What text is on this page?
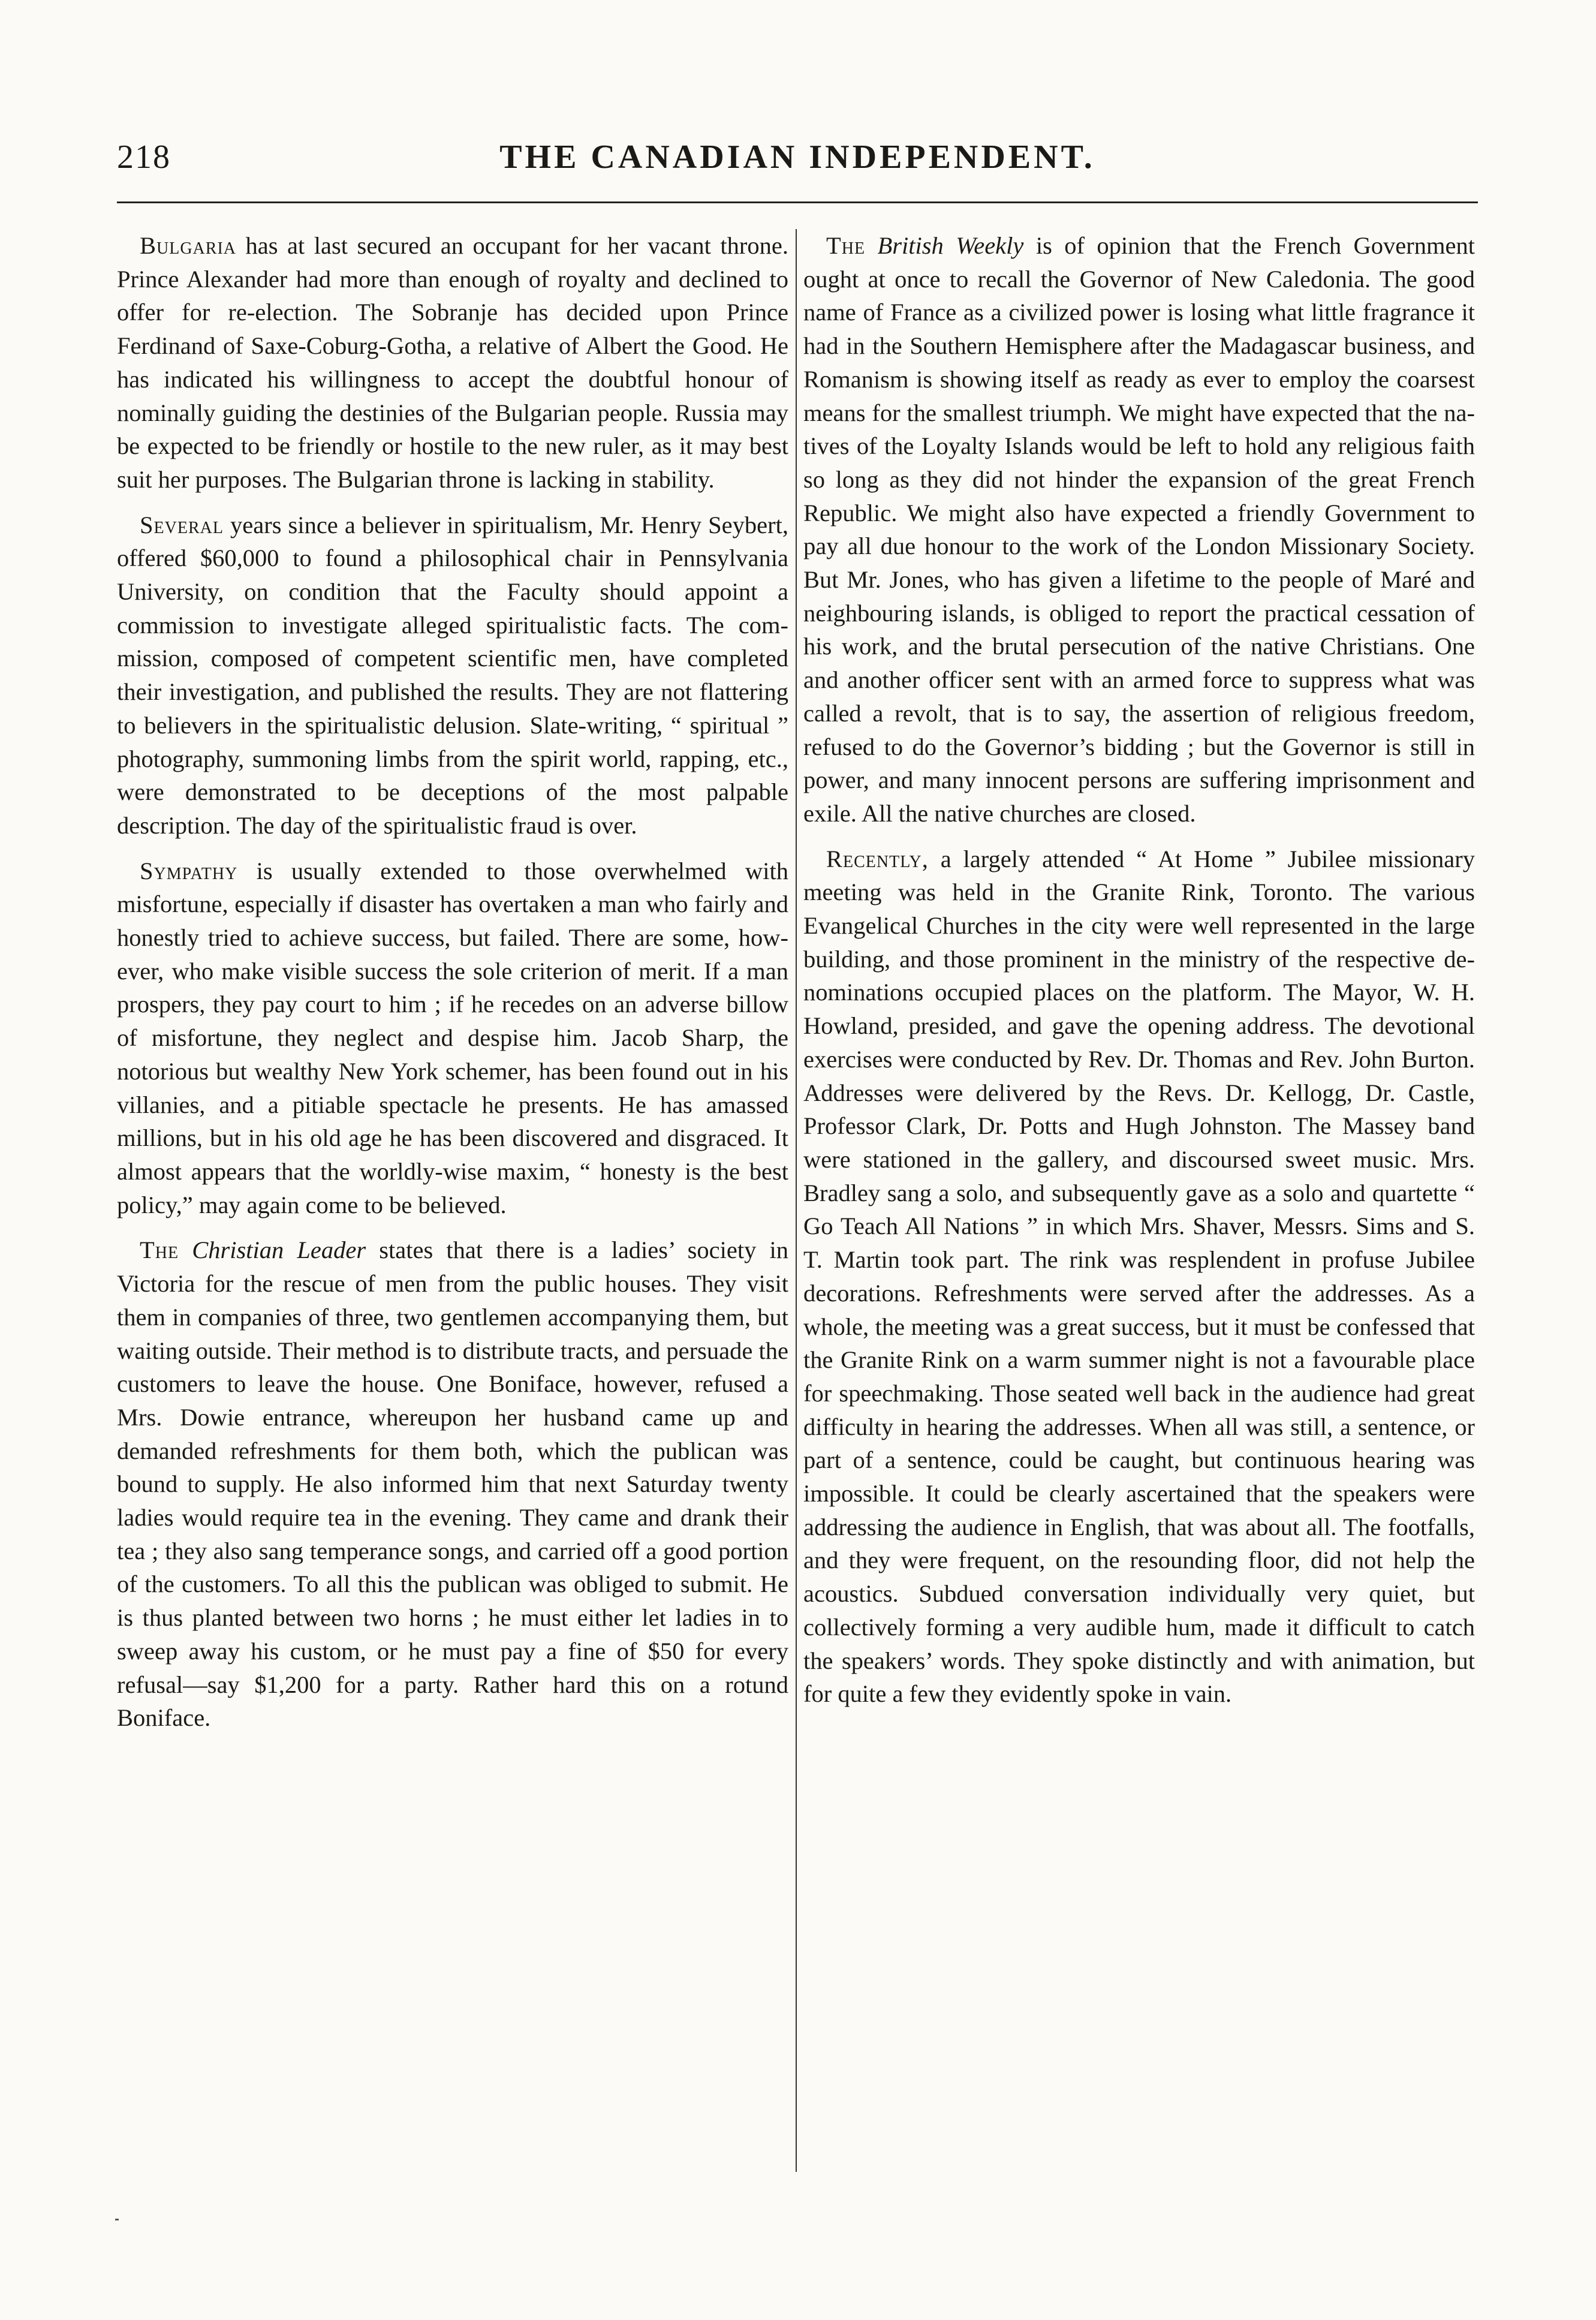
218	THE CANADIAN INDEPENDENT.

Bulgaria has at last secured an occupant for her vacant throne. Prince Alexander had more than enough of royalty and declined to offer for re-election. The Sobranje has decided upon Prince Ferdinand of Saxe-Coburg-Gotha, a relative of Albert the Good. He has indicated his willingness to accept the doubtful honour of nominally guiding the destinies of the Bulgarian people. Russia may be expected to be friendly or hostile to the new ruler, as it may best suit her purposes. The Bulgarian throne is lacking in stability.

Several years since a believer in spiritualism, Mr. Henry Seybert, offered $60,000 to found a philosophical chair in Pennsylvania University, on condition that the Faculty should appoint a commission to investigate alleged spiritualistic facts. The commission, composed of competent scientific men, have completed their investigation, and published the results. They are not flattering to believers in the spiritualistic delusion. Slate-writing, “ spiritual ” photography, summoning limbs from the spirit world, rapping, etc., were demonstrated to be deceptions of the most palpable description. The day of the spiritualistic fraud is over.

Sympathy is usually extended to those overwhelmed with misfortune, especially if disaster has overtaken a man who fairly and honestly tried to achieve success, but failed. There are some, however, who make visible success the sole criterion of merit. If a man prospers, they pay court to him ; if he recedes on an adverse billow of misfortune, they neglect and despise him. Jacob Sharp, the notorious but wealthy New York schemer, has been found out in his villanies, and a pitiable spectacle he presents. He has amassed millions, but in his old age he has been discovered and disgraced. It almost appears that the worldly-wise maxim, “ honesty is the best policy,” may again come to be believed.

The Christian Leader states that there is a ladies’ society in Victoria for the rescue of men from the public houses. They visit them in companies of three, two gentlemen accompanying them, but waiting outside. Their method is to distribute tracts, and persuade the customers to leave the house. One Boniface, however, refused a Mrs. Dowie entrance, whereupon her husband came up and demanded refreshments for them both, which the publican was bound to supply. He also informed him that next Saturday twenty ladies would require tea in the evening. They came and drank their tea ; they also sang temperance songs, and carried off a good portion of the customers. To all this the publican was obliged to submit. He is thus planted between two horns ; he must either let ladies in to sweep away his custom, or he must pay a fine of $50 for every refusal—say $1,200 for a party. Rather hard this on a rotund Boniface.

The British Weekly is of opinion that the French Government ought at once to recall the Governor of New Caledonia. The good name of France as a civilized power is losing what little fragrance it had in the Southern Hemisphere after the Madagascar business, and Romanism is showing itself as ready as ever to employ the coarsest means for the smallest triumph. We might have expected that the natives of the Loyalty Islands would be left to hold any religious faith so long as they did not hinder the expansion of the great French Republic. We might also have expected a friendly Government to pay all due honour to the work of the London Missionary Society. But Mr. Jones, who has given a lifetime to the people of Maré and neighbouring islands, is obliged to report the practical cessation of his work, and the brutal persecution of the native Christians. One and another officer sent with an armed force to suppress what was called a revolt, that is to say, the assertion of religious freedom, refused to do the Governor’s bidding ; but the Governor is still in power, and many innocent persons are suffering imprisonment and exile. All the native churches are closed.

Recently, a largely attended “ At Home ” Jubilee missionary meeting was held in the Granite Rink, Toronto. The various Evangelical Churches in the city were well represented in the large building, and those prominent in the ministry of the respective denominations occupied places on the platform. The Mayor, W. H. Howland, presided, and gave the opening address. The devotional exercises were conducted by Rev. Dr. Thomas and Rev. John Burton. Addresses were delivered by the Revs. Dr. Kellogg, Dr. Castle, Professor Clark, Dr. Potts and Hugh Johnston. The Massey band were stationed in the gallery, and discoursed sweet music. Mrs. Bradley sang a solo, and subsequently gave as a solo and quartette “ Go Teach All Nations ” in which Mrs. Shaver, Messrs. Sims and S. T. Martin took part. The rink was resplendent in profuse Jubilee decorations. Refreshments were served after the addresses. As a whole, the meeting was a great success, but it must be confessed that the Granite Rink on a warm summer night is not a favourable place for speechmaking. Those seated well back in the audience had great difficulty in hearing the addresses. When all was still, a sentence, or part of a sentence, could be caught, but continuous hearing was impossible. It could be clearly ascertained that the speakers were addressing the audience in English, that was about all. The footfalls, and they were frequent, on the resounding floor, did not help the acoustics. Subdued conversation individually very quiet, but collectively forming a very audible hum, made it difficult to catch the speakers’ words. They spoke distinctly and with animation, but for quite a few they evidently spoke in vain.
